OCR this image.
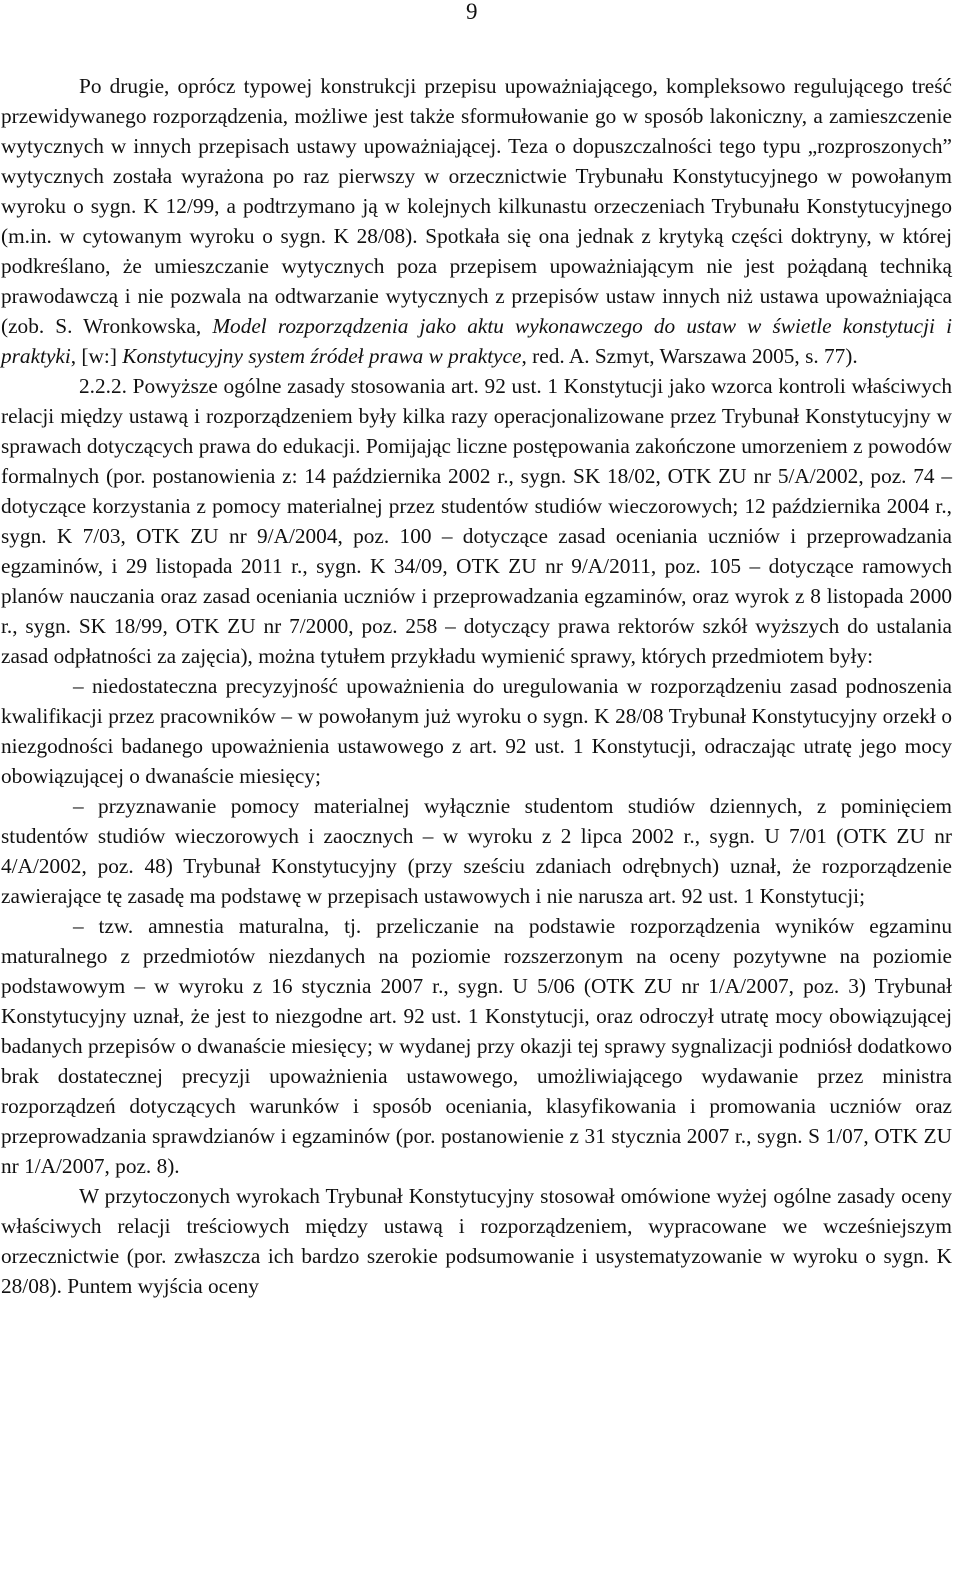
9

Po drugie, oprócz typowej konstrukcji przepisu upoważniającego, kompleksowo regulującego treść przewidywanego rozporządzenia, możliwe jest także sformułowanie go w sposób lakoniczny, a zamieszczenie wytycznych w innych przepisach ustawy upoważniającej. Teza o dopuszczalności tego typu „rozproszonych” wytycznych została wyrażona po raz pierwszy w orzecznictwie Trybunału Konstytucyjnego w powołanym wyroku o sygn. K 12/99, a podtrzymano ją w kolejnych kilkunastu orzeczeniach Trybunału Konstytucyjnego (m.in. w cytowanym wyroku o sygn. K 28/08). Spotkała się ona jednak z krytyką części doktryny, w której podkreślano, że umieszczanie wytycznych poza przepisem upoważniającym nie jest pożądaną techniką prawodawczą i nie pozwala na odtwarzanie wytycznych z przepisów ustaw innych niż ustawa upoważniająca (zob. S. Wronkowska, Model rozporządzenia jako aktu wykonawczego do ustaw w świetle konstytucji i praktyki, [w:] Konstytucyjny system źródeł prawa w praktyce, red. A. Szmyt, Warszawa 2005, s. 77).

2.2.2. Powyższe ogólne zasady stosowania art. 92 ust. 1 Konstytucji jako wzorca kontroli właściwych relacji między ustawą i rozporządzeniem były kilka razy operacjonalizowane przez Trybunał Konstytucyjny w sprawach dotyczących prawa do edukacji. Pomijając liczne postępowania zakończone umorzeniem z powodów formalnych (por. postanowienia z: 14 października 2002 r., sygn. SK 18/02, OTK ZU nr 5/A/2002, poz. 74 – dotyczące korzystania z pomocy materialnej przez studentów studiów wieczorowych; 12 października 2004 r., sygn. K 7/03, OTK ZU nr 9/A/2004, poz. 100 – dotyczące zasad oceniania uczniów i przeprowadzania egzaminów, i 29 listopada 2011 r., sygn. K 34/09, OTK ZU nr 9/A/2011, poz. 105 – dotyczące ramowych planów nauczania oraz zasad oceniania uczniów i przeprowadzania egzaminów, oraz wyrok z 8 listopada 2000 r., sygn. SK 18/99, OTK ZU nr 7/2000, poz. 258 – dotyczący prawa rektorów szkół wyższych do ustalania zasad odpłatności za zajęcia), można tytułem przykładu wymienić sprawy, których przedmiotem były:

– niedostateczna precyzyjność upoważnienia do uregulowania w rozporządzeniu zasad podnoszenia kwalifikacji przez pracowników – w powołanym już wyroku o sygn. K 28/08 Trybunał Konstytucyjny orzekł o niezgodności badanego upoważnienia ustawowego z art. 92 ust. 1 Konstytucji, odraczając utratę jego mocy obowiązującej o dwanaście miesięcy;

– przyznawanie pomocy materialnej wyłącznie studentom studiów dziennych, z pominięciem studentów studiów wieczorowych i zaocznych – w wyroku z 2 lipca 2002 r., sygn. U 7/01 (OTK ZU nr 4/A/2002, poz. 48) Trybunał Konstytucyjny (przy sześciu zdaniach odrębnych) uznał, że rozporządzenie zawierające tę zasadę ma podstawę w przepisach ustawowych i nie narusza art. 92 ust. 1 Konstytucji;

– tzw. amnestia maturalna, tj. przeliczanie na podstawie rozporządzenia wyników egzaminu maturalnego z przedmiotów niezdanych na poziomie rozszerzonym na oceny pozytywne na poziomie podstawowym – w wyroku z 16 stycznia 2007 r., sygn. U 5/06 (OTK ZU nr 1/A/2007, poz. 3) Trybunał Konstytucyjny uznał, że jest to niezgodne art. 92 ust. 1 Konstytucji, oraz odroczył utratę mocy obowiązującej badanych przepisów o dwanaście miesięcy; w wydanej przy okazji tej sprawy sygnalizacji podniósł dodatkowo brak dostatecznej precyzji upoważnienia ustawowego, umożliwiającego wydawanie przez ministra rozporządzeń dotyczących warunków i sposób oceniania, klasyfikowania i promowania uczniów oraz przeprowadzania sprawdzianów i egzaminów (por. postanowienie z 31 stycznia 2007 r., sygn. S 1/07, OTK ZU nr 1/A/2007, poz. 8).

W przytoczonych wyrokach Trybunał Konstytucyjny stosował omówione wyżej ogólne zasady oceny właściwych relacji treściowych między ustawą i rozporządzeniem, wypracowane we wcześniejszym orzecznictwie (por. zwłaszcza ich bardzo szerokie podsumowanie i usystematyzowanie w wyroku o sygn. K 28/08). Puntem wyjścia oceny
